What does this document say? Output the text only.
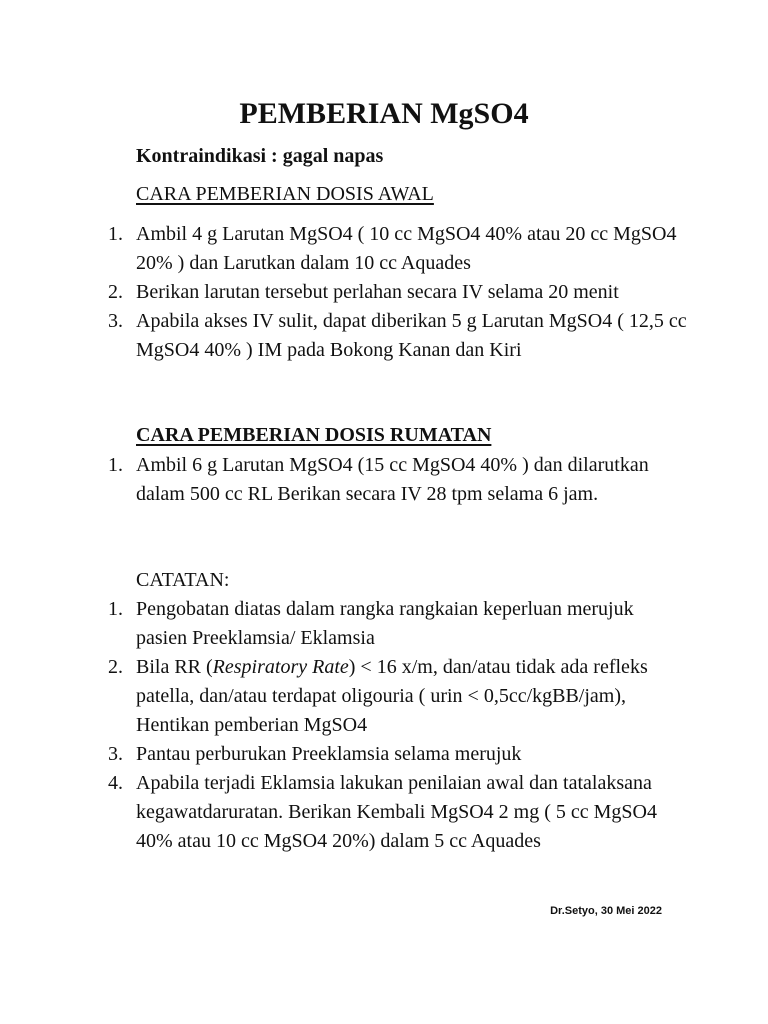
PEMBERIAN MgSO4

Kontraindikasi : gagal napas

CARA PEMBERIAN DOSIS AWAL

1. Ambil 4 g Larutan MgSO4 ( 10 cc MgSO4 40% atau 20 cc MgSO4 20% ) dan Larutkan dalam 10 cc Aquades
2. Berikan larutan tersebut perlahan secara IV selama 20 menit
3. Apabila akses IV sulit, dapat diberikan 5 g Larutan MgSO4 ( 12,5 cc MgSO4 40% ) IM pada Bokong Kanan dan Kiri

CARA PEMBERIAN DOSIS RUMATAN

1. Ambil 6 g Larutan MgSO4 (15 cc MgSO4 40% ) dan dilarutkan dalam 500 cc RL Berikan secara IV 28 tpm selama 6 jam.

CATATAN:

1. Pengobatan diatas dalam rangka rangkaian keperluan merujuk pasien Preeklamsia/ Eklamsia
2. Bila RR (Respiratory Rate) < 16 x/m, dan/atau tidak ada refleks patella, dan/atau terdapat oligouria ( urin < 0,5cc/kgBB/jam), Hentikan pemberian MgSO4
3. Pantau perburukan Preeklamsia selama merujuk
4. Apabila terjadi Eklamsia lakukan penilaian awal dan tatalaksana kegawatdaruratan. Berikan Kembali MgSO4 2 mg ( 5 cc MgSO4 40% atau 10 cc MgSO4 20%) dalam 5 cc Aquades

Dr.Setyo, 30 Mei 2022
